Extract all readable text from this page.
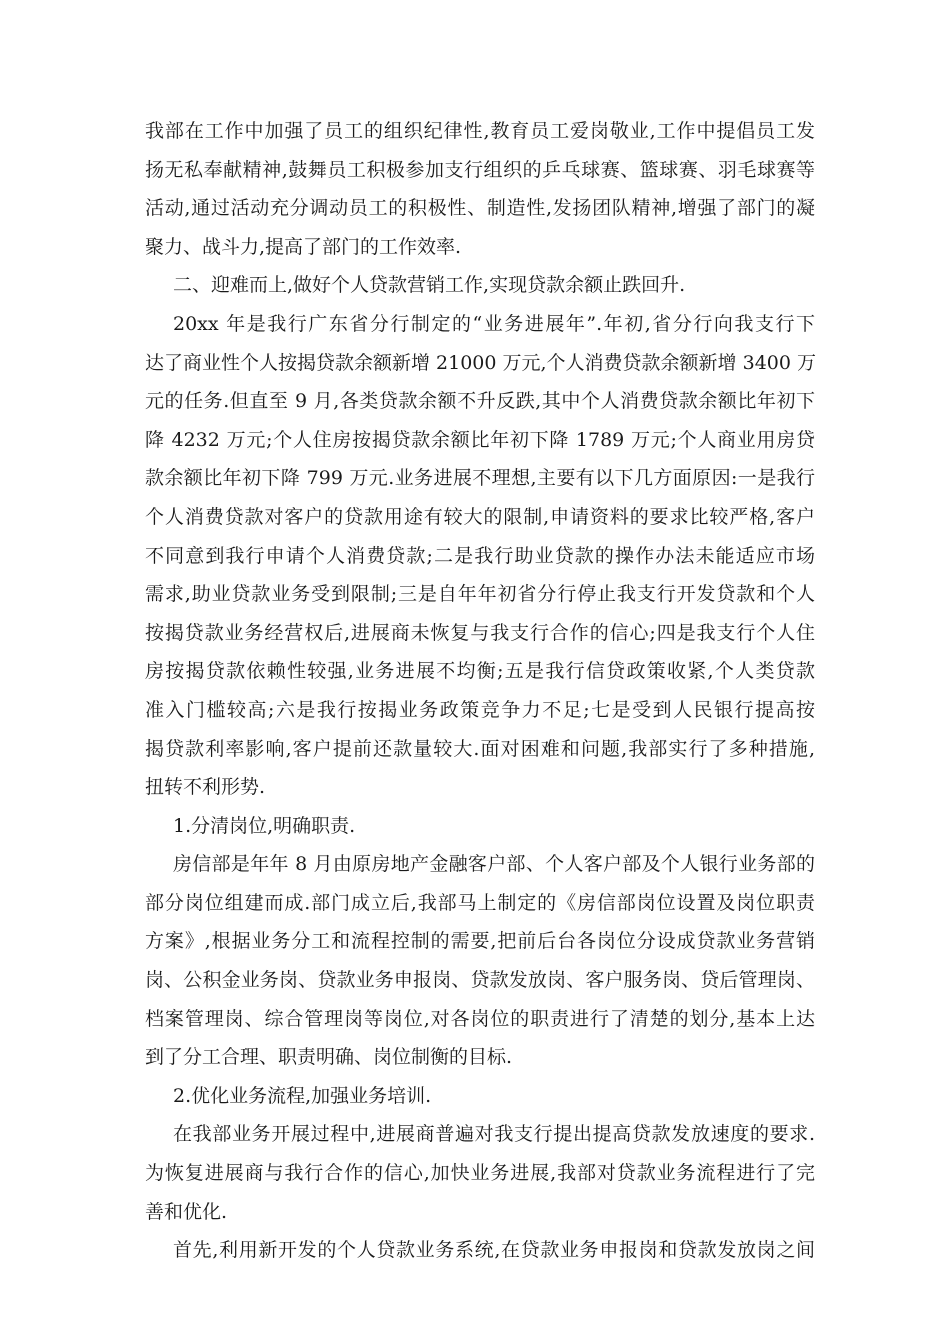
我部在工作中加强了员工的组织纪律性,教育员工爱岗敬业,工作中提倡员工发
扬无私奉献精神,鼓舞员工积极参加支行组织的乒乓球赛、篮球赛、羽毛球赛等
活动,通过活动充分调动员工的积极性、制造性,发扬团队精神,增强了部门的凝
聚力、战斗力,提高了部门的工作效率.
二、迎难而上,做好个人贷款营销工作,实现贷款余额止跌回升.
20xx 年是我行广东省分行制定的“业务进展年”.年初,省分行向我支行下
达了商业性个人按揭贷款余额新增 21000 万元,个人消费贷款余额新增 3400 万
元的任务.但直至 9 月,各类贷款余额不升反跌,其中个人消费贷款余额比年初下
降 4232 万元;个人住房按揭贷款余额比年初下降 1789 万元;个人商业用房贷
款余额比年初下降 799 万元.业务进展不理想,主要有以下几方面原因:一是我行
个人消费贷款对客户的贷款用途有较大的限制,申请资料的要求比较严格,客户
不同意到我行申请个人消费贷款;二是我行助业贷款的操作办法未能适应市场
需求,助业贷款业务受到限制;三是自年年初省分行停止我支行开发贷款和个人
按揭贷款业务经营权后,进展商未恢复与我支行合作的信心;四是我支行个人住
房按揭贷款依赖性较强,业务进展不均衡;五是我行信贷政策收紧,个人类贷款
准入门槛较高;六是我行按揭业务政策竞争力不足;七是受到人民银行提高按
揭贷款利率影响,客户提前还款量较大.面对困难和问题,我部实行了多种措施,
扭转不利形势.
1.分清岗位,明确职责.
房信部是年年 8 月由原房地产金融客户部、个人客户部及个人银行业务部的
部分岗位组建而成.部门成立后,我部马上制定的《房信部岗位设置及岗位职责
方案》,根据业务分工和流程控制的需要,把前后台各岗位分设成贷款业务营销
岗、公积金业务岗、贷款业务申报岗、贷款发放岗、客户服务岗、贷后管理岗、
档案管理岗、综合管理岗等岗位,对各岗位的职责进行了清楚的划分,基本上达
到了分工合理、职责明确、岗位制衡的目标.
2.优化业务流程,加强业务培训.
在我部业务开展过程中,进展商普遍对我支行提出提高贷款发放速度的要求.
为恢复进展商与我行合作的信心,加快业务进展,我部对贷款业务流程进行了完
善和优化.
首先,利用新开发的个人贷款业务系统,在贷款业务申报岗和贷款发放岗之间
